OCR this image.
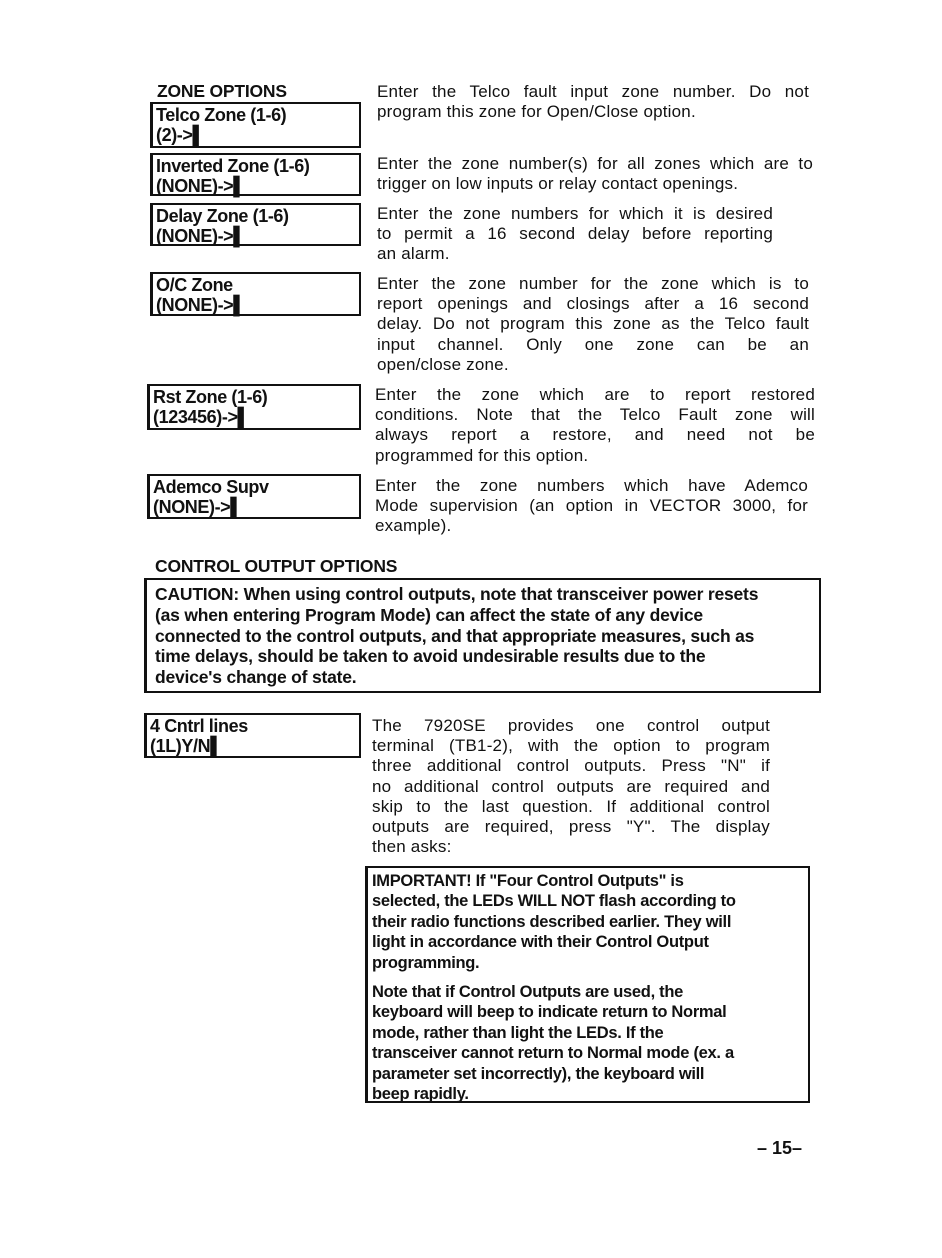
ZONE OPTIONS
Telco Zone (1-6)
(2)->▌
Enter the Telco fault input zone number. Do not
program this zone for Open/Close option.
Inverted Zone (1-6)
(NONE)->▌
Enter the zone number(s) for all zones which are to
trigger on low inputs or relay contact openings.
Delay Zone (1-6)
(NONE)->▌
Enter the zone numbers for which it is desired
to permit a 16 second delay before reporting
an alarm.
O/C Zone
(NONE)->▌
Enter the zone number for the zone which is to
report openings and closings after a 16 second
delay. Do not program this zone as the Telco fault
input channel. Only one zone can be an
open/close zone.
Rst Zone (1-6)
(123456)->▌
Enter the zone which are to report restored
conditions. Note that the Telco Fault zone will
always report a restore, and need not be
programmed for this option.
Ademco Supv
(NONE)->▌
Enter the zone numbers which have Ademco
Mode supervision (an option in VECTOR 3000, for
example).
CONTROL OUTPUT OPTIONS
CAUTION: When using control outputs, note that transceiver power resets
(as when entering Program Mode) can affect the state of any device
connected to the control outputs, and that appropriate measures, such as
time delays, should be taken to avoid undesirable results due to the
device's change of state.
4 Cntrl lines
(1L)Y/N▌
The 7920SE provides one control output
terminal (TB1-2), with the option to program
three additional control outputs. Press "N" if
no additional control outputs are required and
skip to the last question. If additional control
outputs are required, press "Y". The display
then asks:
IMPORTANT! If "Four Control Outputs" is
selected, the LEDs WILL NOT flash according to
their radio functions described earlier. They will
light in accordance with their Control Output
programming.
Note that if Control Outputs are used, the
keyboard will beep to indicate return to Normal
mode, rather than light the LEDs. If the
transceiver cannot return to Normal mode (ex. a
parameter set incorrectly), the keyboard will
beep rapidly.
– 15–
